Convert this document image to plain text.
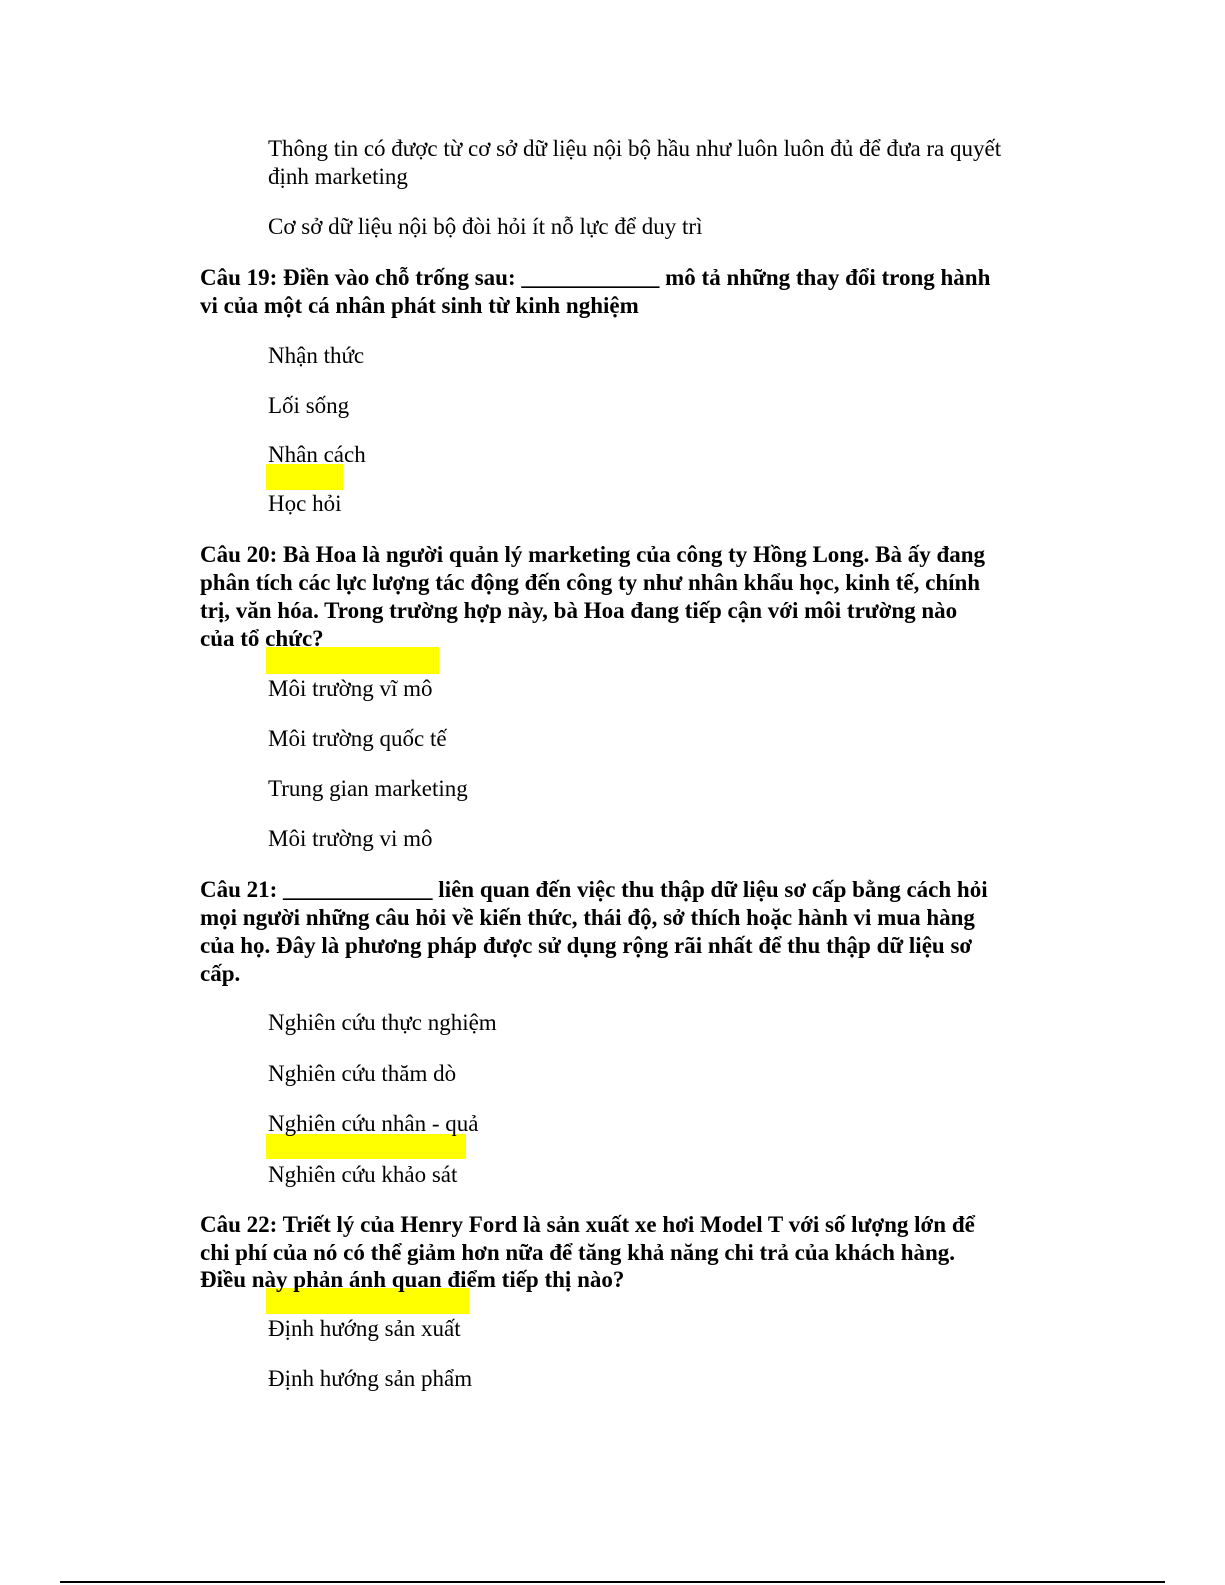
Thông tin có được từ cơ sở dữ liệu nội bộ hầu như luôn luôn đủ để đưa ra quyết
định marketing
Cơ sở dữ liệu nội bộ đòi hỏi ít nỗ lực để duy trì
Câu 19: Điền vào chỗ trống sau: ____________ mô tả những thay đổi trong hành
vi của một cá nhân phát sinh từ kinh nghiệm
Nhận thức
Lối sống
Nhân cách
Học hỏi
Câu 20: Bà Hoa là người quản lý marketing của công ty Hồng Long. Bà ấy đang
phân tích các lực lượng tác động đến công ty như nhân khẩu học, kinh tế, chính
trị, văn hóa. Trong trường hợp này, bà Hoa đang tiếp cận với môi trường nào
của tổ chức?
Môi trường vĩ mô
Môi trường quốc tế
Trung gian marketing
Môi trường vi mô
Câu 21: _____________ liên quan đến việc thu thập dữ liệu sơ cấp bằng cách hỏi
mọi người những câu hỏi về kiến thức, thái độ, sở thích hoặc hành vi mua hàng
của họ. Đây là phương pháp được sử dụng rộng rãi nhất để thu thập dữ liệu sơ
cấp.
Nghiên cứu thực nghiệm
Nghiên cứu thăm dò
Nghiên cứu nhân - quả
Nghiên cứu khảo sát
Câu 22: Triết lý của Henry Ford là sản xuất xe hơi Model T với số lượng lớn để
chi phí của nó có thể giảm hơn nữa để tăng khả năng chi trả của khách hàng.
Điều này phản ánh quan điểm tiếp thị nào?
Định hướng sản xuất
Định hướng sản phẩm
